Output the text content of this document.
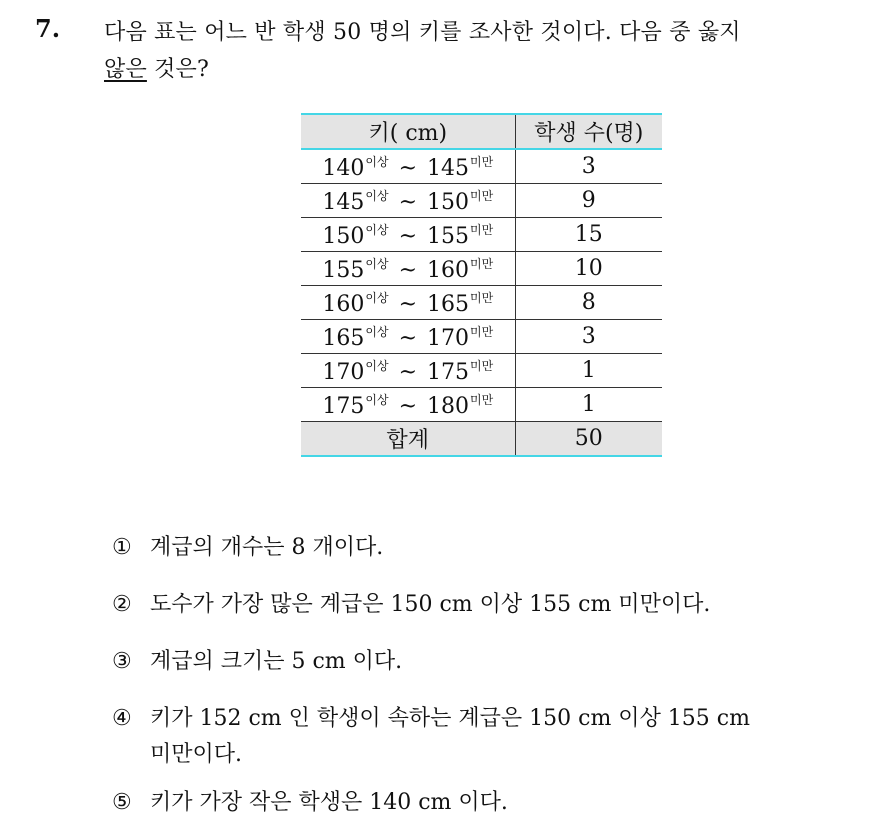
7. 다음 표는 어느 반 학생 50 명의 키를 조사한 것이다. 다음 중 옳지
않은 것은?
키( cm)	학생 수(명)
$140^{이상}$ ~ $145^{미만}$	3
$145^{이상}$ ~ $150^{미만}$	9
$150^{이상}$ ~ $155^{미만}$	15
$155^{이상}$ ~ $160^{미만}$	10
$160^{이상}$ ~ $165^{미만}$	8
$165^{이상}$ ~ $170^{미만}$	3
$170^{이상}$ ~ $175^{미만}$	1
$175^{이상}$ ~ $180^{미만}$	1
합계	50
① 계급의 개수는 8 개이다.
② 도수가 가장 많은 계급은 150 cm 이상 155 cm 미만이다.
③ 계급의 크기는 5 cm 이다.
④ 키가 152 cm 인 학생이 속하는 계급은 150 cm 이상 155 cm
미만이다.
⑤ 키가 가장 작은 학생은 140 cm 이다.
